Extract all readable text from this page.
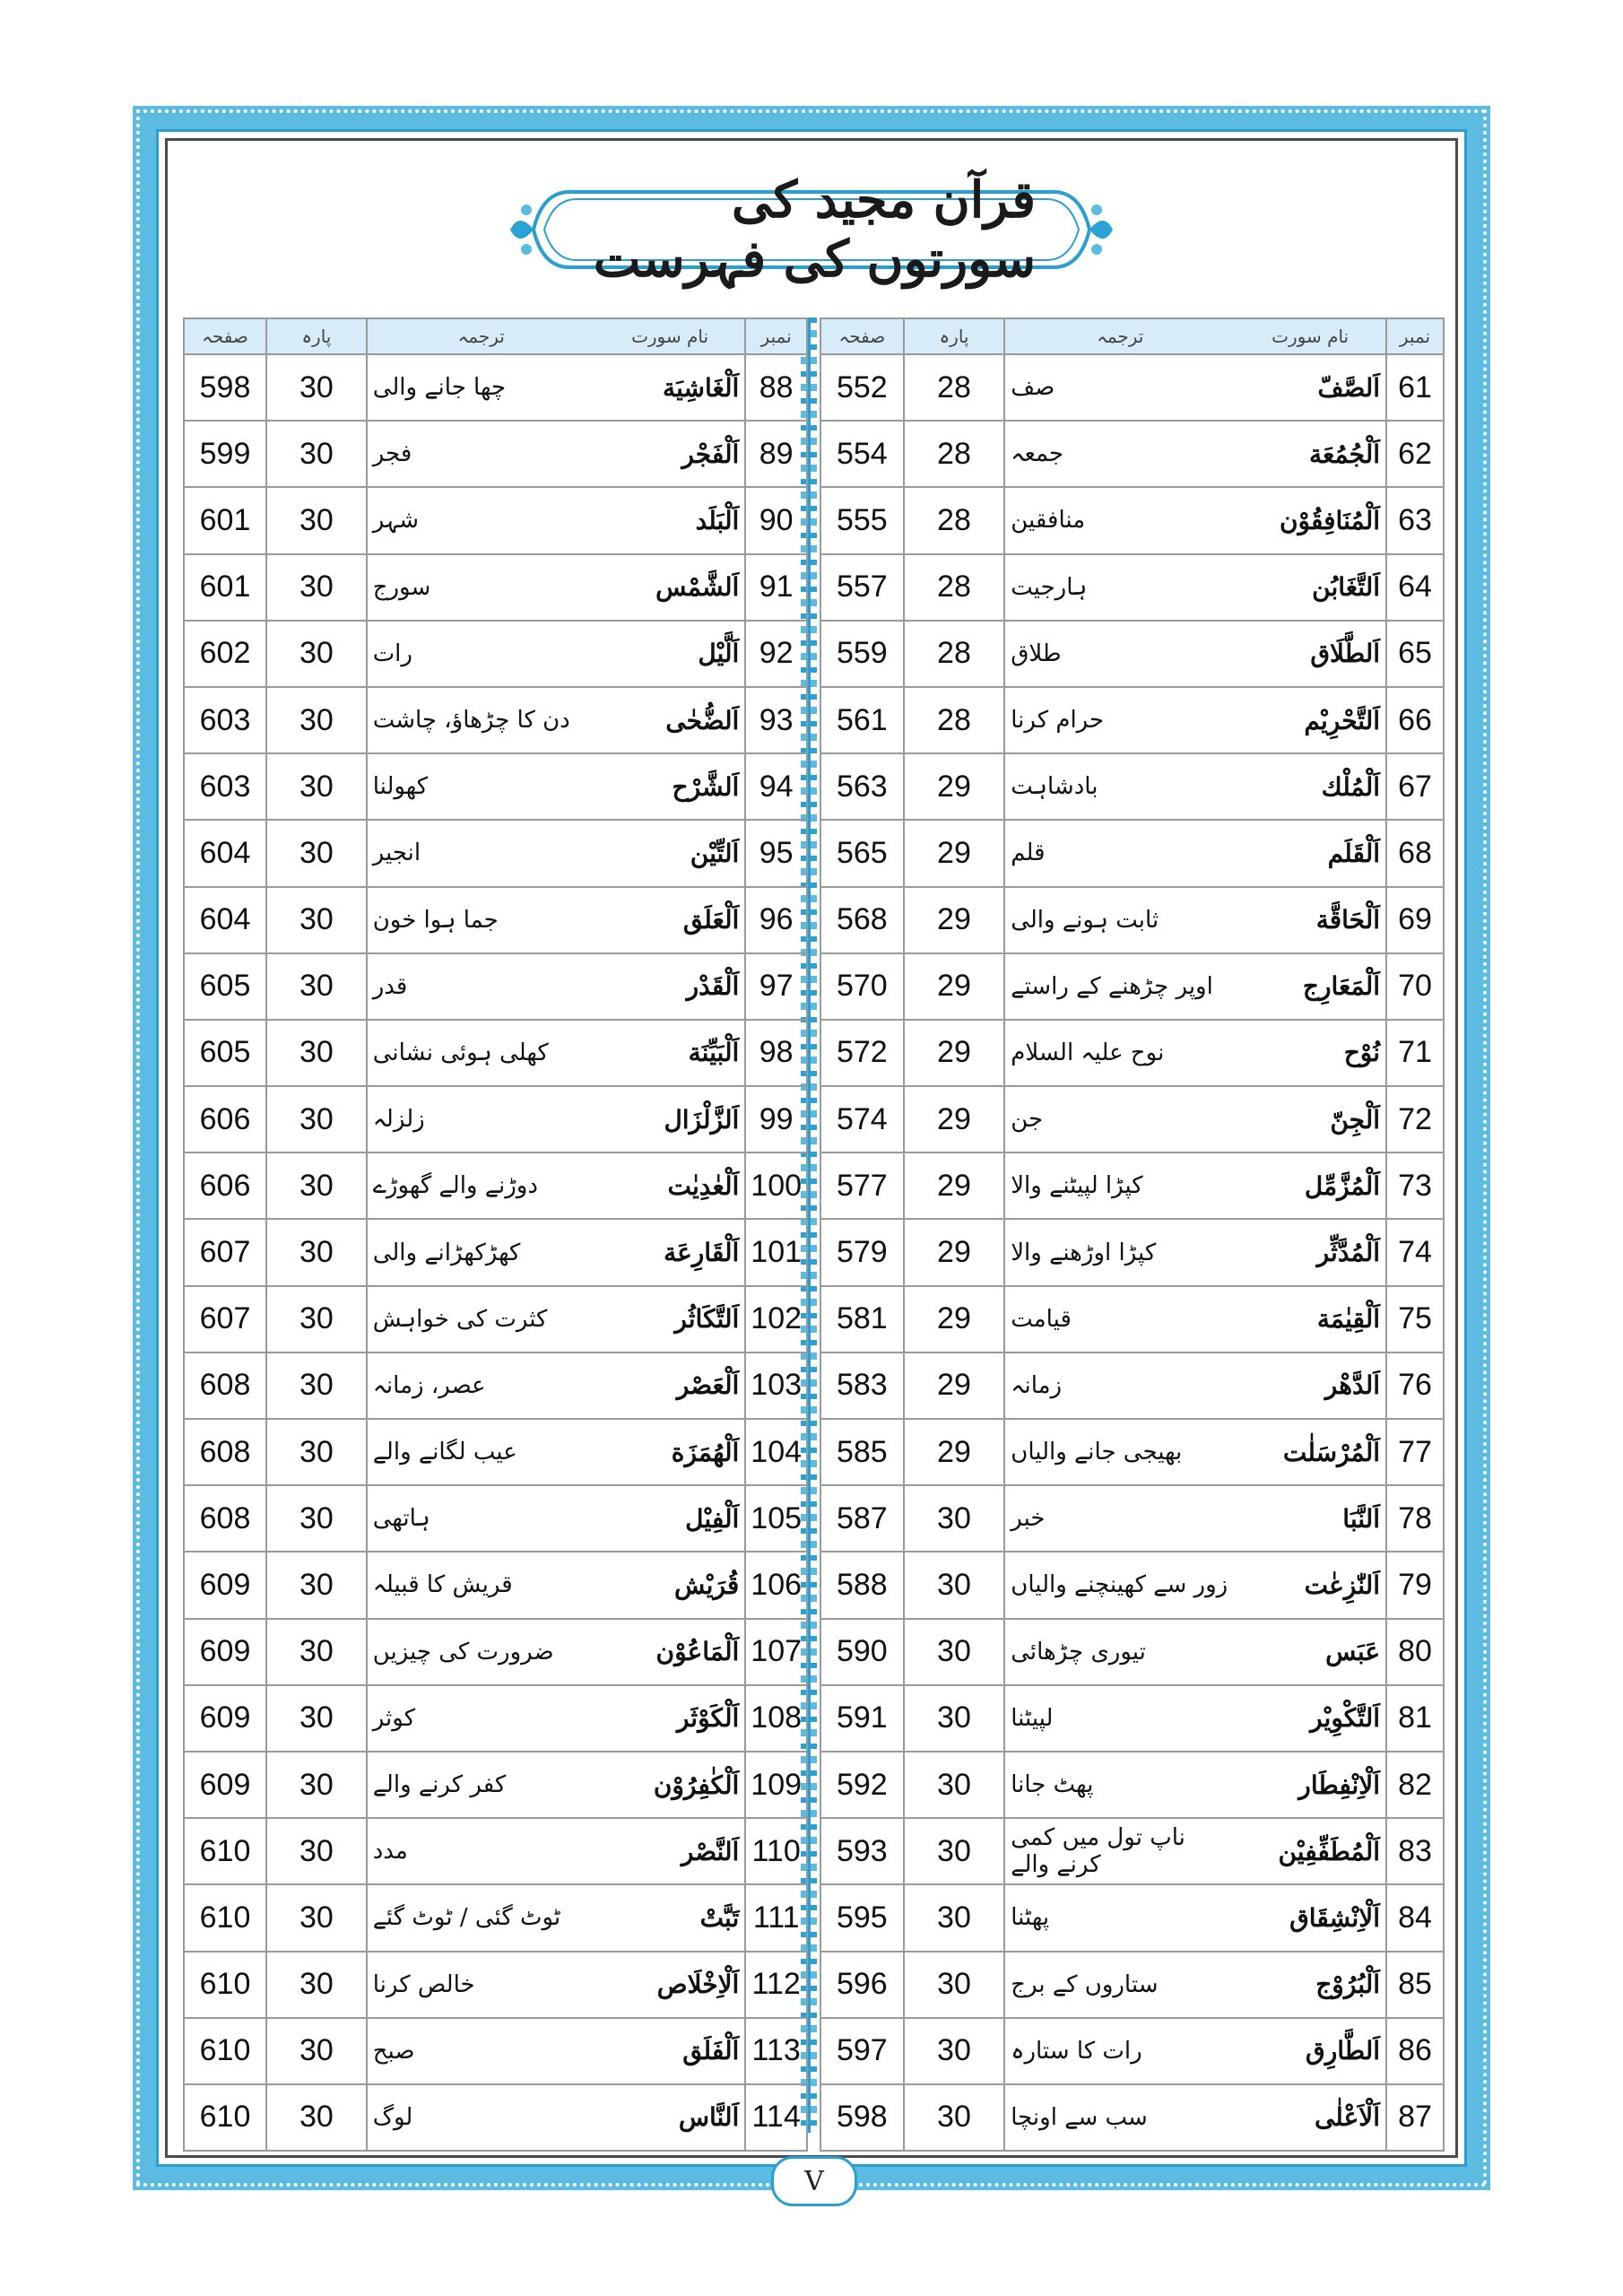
قرآن مجید کی سورتوں کی فہرست
نمبر	نام سورت	ترجمہ	پارہ	صفحہ
61	اَلصَّفّ	صف	28	552
62	اَلْجُمُعَة	جمعہ	28	554
63	اَلْمُنَافِقُوْن	منافقین	28	555
64	اَلتَّغَابُن	ہارجیت	28	557
65	اَلطَّلَاق	طلاق	28	559
66	اَلتَّحْرِيْم	حرام کرنا	28	561
67	اَلْمُلْك	بادشاہت	29	563
68	اَلْقَلَم	قلم	29	565
69	اَلْحَاقَّة	ثابت ہونے والی	29	568
70	اَلْمَعَارِج	اوپر چڑھنے کے راستے	29	570
71	نُوْح	نوح علیہ السلام	29	572
72	اَلْجِنّ	جن	29	574
73	اَلْمُزَّمِّل	کپڑا لپیٹنے والا	29	577
74	اَلْمُدَّثِّر	کپڑا اوڑھنے والا	29	579
75	اَلْقِيٰمَة	قیامت	29	581
76	اَلدَّهْر	زمانہ	29	583
77	اَلْمُرْسَلٰت	بھیجی جانے والیاں	29	585
78	اَلنَّبَا	خبر	30	587
79	اَلنّٰزِعٰت	زور سے کھینچنے والیاں	30	588
80	عَبَس	تیوری چڑھائی	30	590
81	اَلتَّكْوِيْر	لپیٹنا	30	591
82	اَلْاِنْفِطَار	پھٹ جانا	30	592
83	اَلْمُطَفِّفِيْن	ناپ تول میں کمی کرنے والے	30	593
84	اَلْاِنْشِقَاق	پھٹنا	30	595
85	اَلْبُرُوْج	ستاروں کے برج	30	596
86	اَلطَّارِق	رات کا ستارہ	30	597
87	اَلْاَعْلٰى	سب سے اونچا	30	598
نمبر	نام سورت	ترجمہ	پارہ	صفحہ
88	اَلْغَاشِيَة	چھا جانے والی	30	598
89	اَلْفَجْر	فجر	30	599
90	اَلْبَلَد	شہر	30	601
91	اَلشَّمْس	سورج	30	601
92	اَلَّيْل	رات	30	602
93	اَلضُّحٰى	دن کا چڑھاؤ، چاشت	30	603
94	اَلشَّرْح	کھولنا	30	603
95	اَلتِّيْن	انجیر	30	604
96	اَلْعَلَق	جما ہوا خون	30	604
97	اَلْقَدْر	قدر	30	605
98	اَلْبَيِّنَة	کھلی ہوئی نشانی	30	605
99	اَلزَّلْزَال	زلزلہ	30	606
100	اَلْعٰدِيٰت	دوڑنے والے گھوڑے	30	606
101	اَلْقَارِعَة	کھڑکھڑانے والی	30	607
102	اَلتَّكَاثُر	کثرت کی خواہش	30	607
103	اَلْعَصْر	عصر، زمانہ	30	608
104	اَلْهُمَزَة	عیب لگانے والے	30	608
105	اَلْفِيْل	ہاتھی	30	608
106	قُرَيْش	قریش کا قبیلہ	30	609
107	اَلْمَاعُوْن	ضرورت کی چیزیں	30	609
108	اَلْكَوْثَر	کوثر	30	609
109	اَلْكٰفِرُوْن	کفر کرنے والے	30	609
110	اَلنَّصْر	مدد	30	610
111	تَبَّتْ	ٹوٹ گئی / ٹوٹ گئے	30	610
112	اَلْاِخْلَاص	خالص کرنا	30	610
113	اَلْفَلَق	صبح	30	610
114	اَلنَّاس	لوگ	30	610
V
